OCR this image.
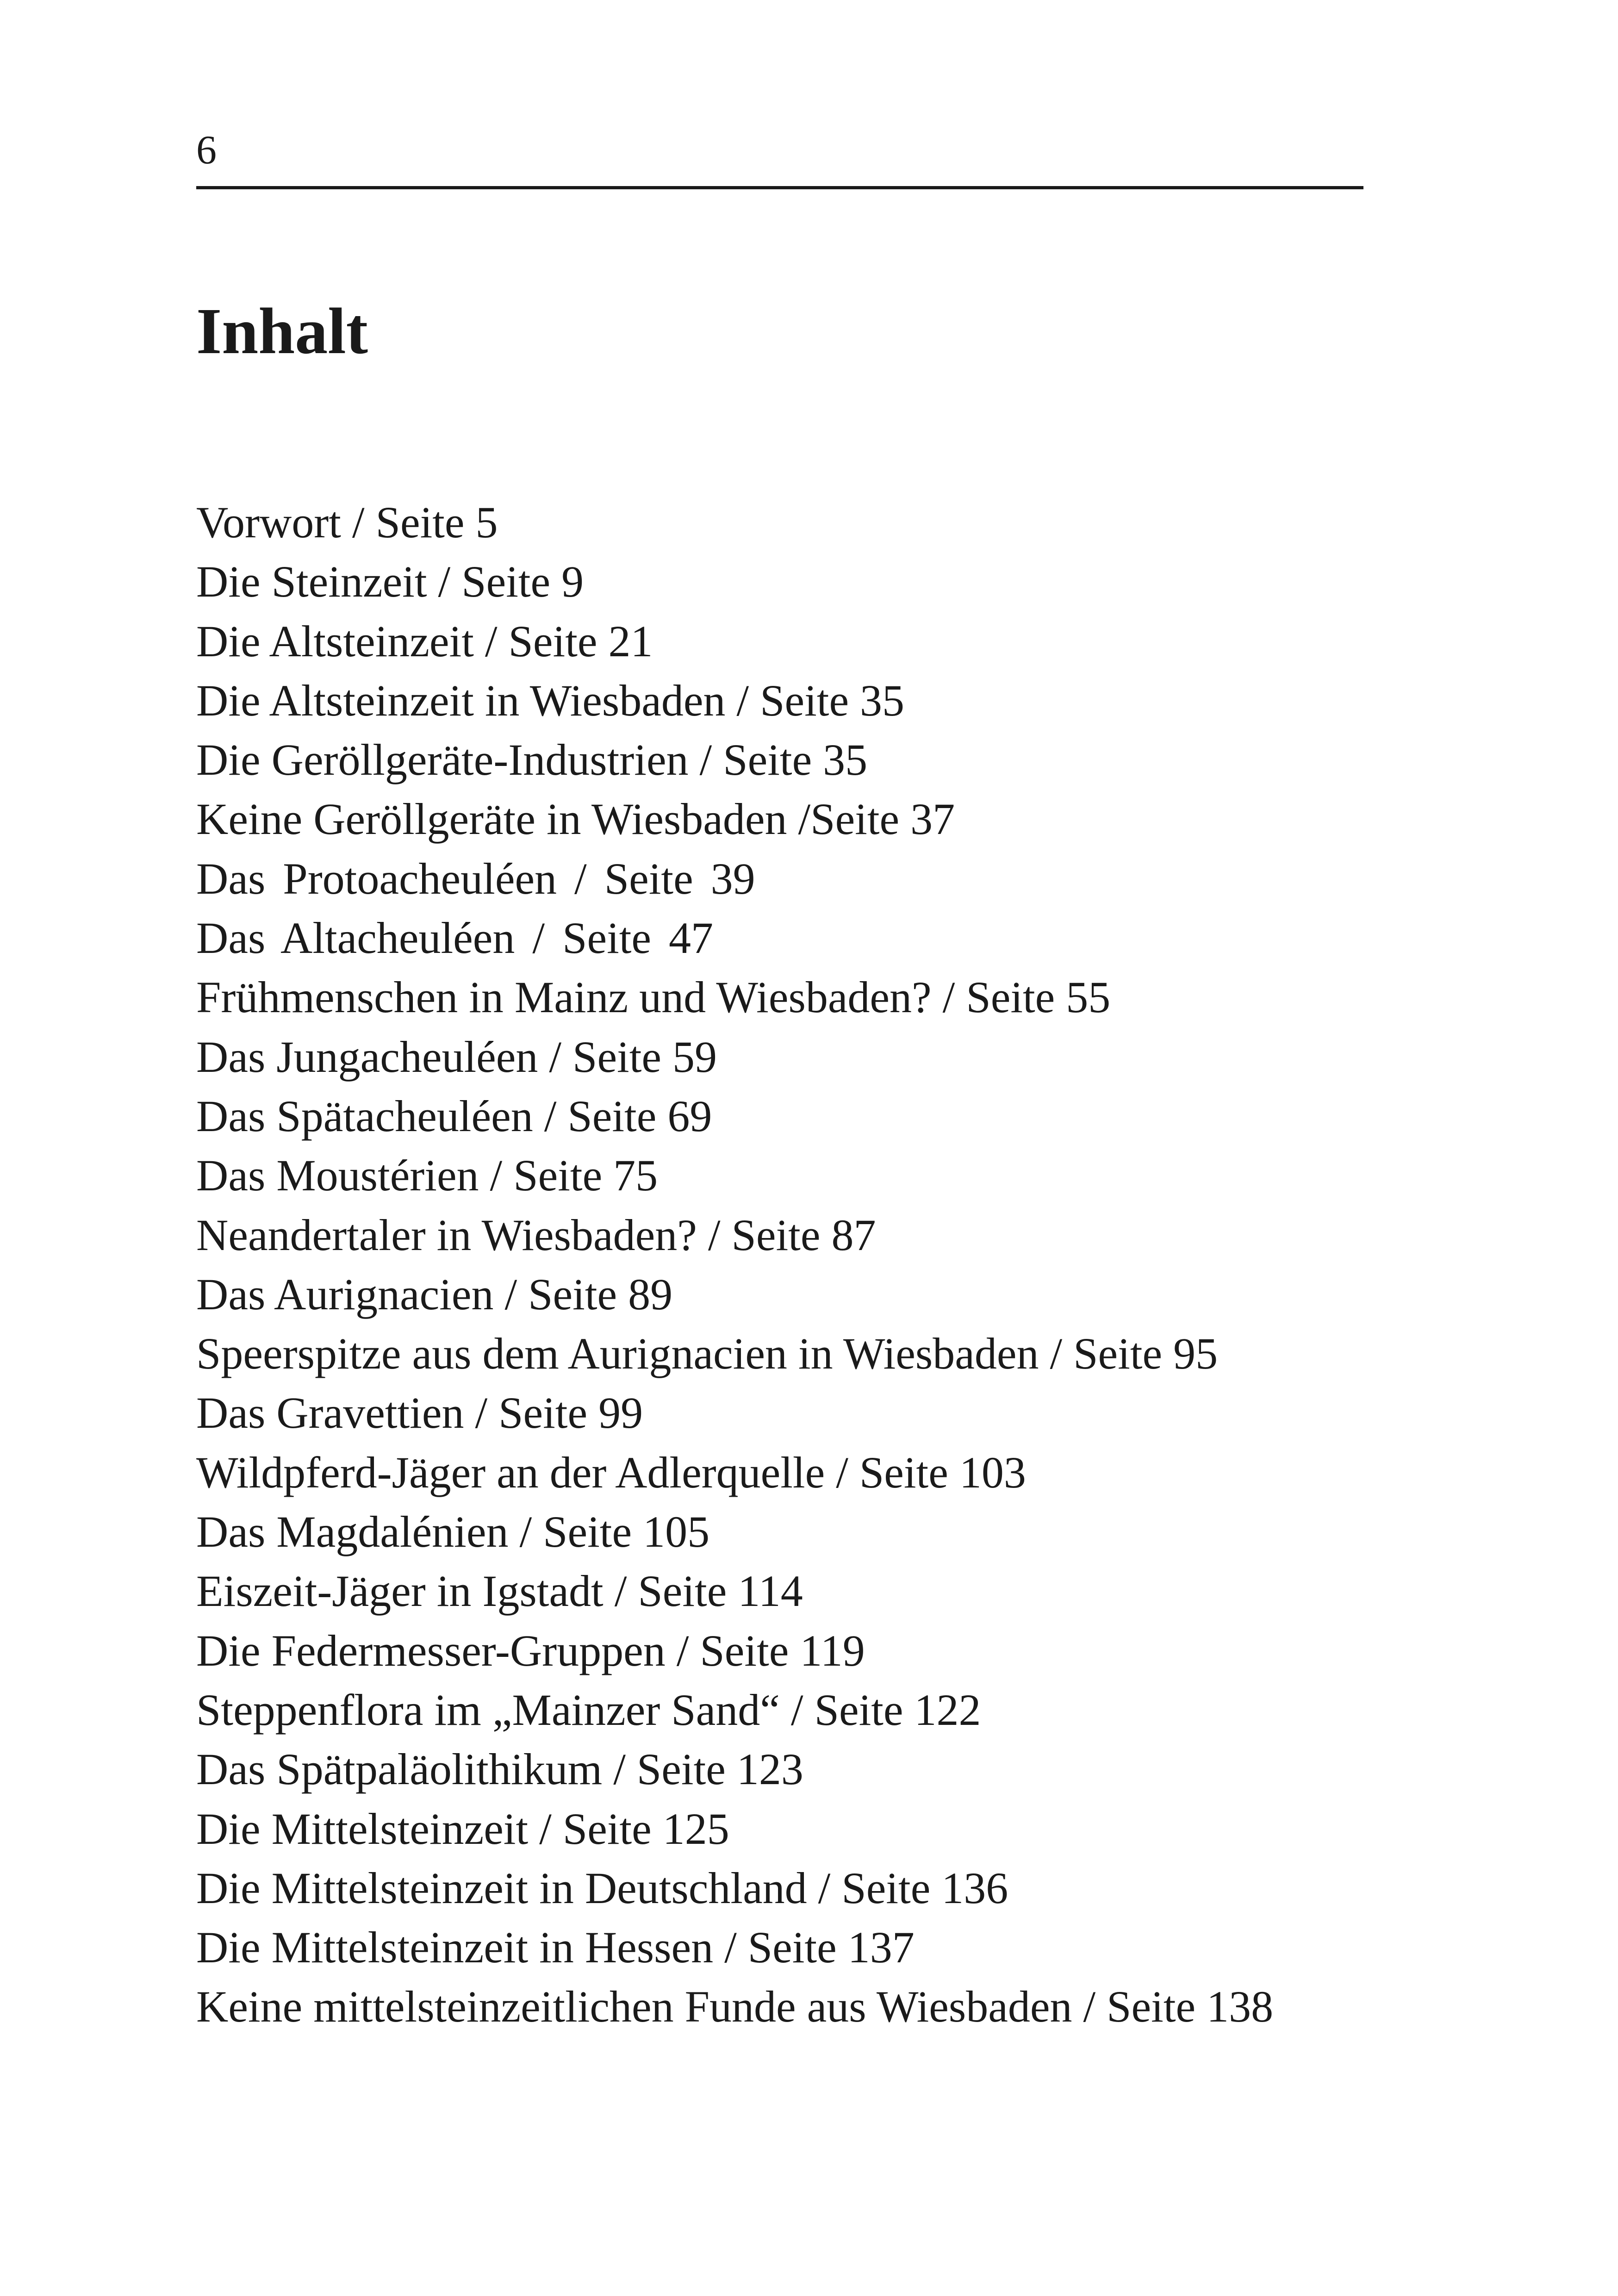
6
Inhalt
Vorwort / Seite 5
Die Steinzeit / Seite 9
Die Altsteinzeit / Seite 21
Die Altsteinzeit in Wiesbaden / Seite 35
Die Geröllgeräte-Industrien / Seite 35
Keine Geröllgeräte in Wiesbaden /Seite 37
Das Protoacheuléen / Seite 39
Das Altacheuléen / Seite 47
Frühmenschen in Mainz und Wiesbaden? / Seite 55
Das Jungacheuléen / Seite 59
Das Spätacheuléen / Seite 69
Das Moustérien / Seite 75
Neandertaler in Wiesbaden? / Seite 87
Das Aurignacien / Seite 89
Speerspitze aus dem Aurignacien in Wiesbaden / Seite 95
Das Gravettien / Seite 99
Wildpferd-Jäger an der Adlerquelle / Seite 103
Das Magdalénien / Seite 105
Eiszeit-Jäger in Igstadt / Seite 114
Die Federmesser-Gruppen / Seite 119
Steppenflora im „Mainzer Sand“ / Seite 122
Das Spätpaläolithikum / Seite 123
Die Mittelsteinzeit / Seite 125
Die Mittelsteinzeit in Deutschland / Seite 136
Die Mittelsteinzeit in Hessen / Seite 137
Keine mittelsteinzeitlichen Funde aus Wiesbaden / Seite 138
